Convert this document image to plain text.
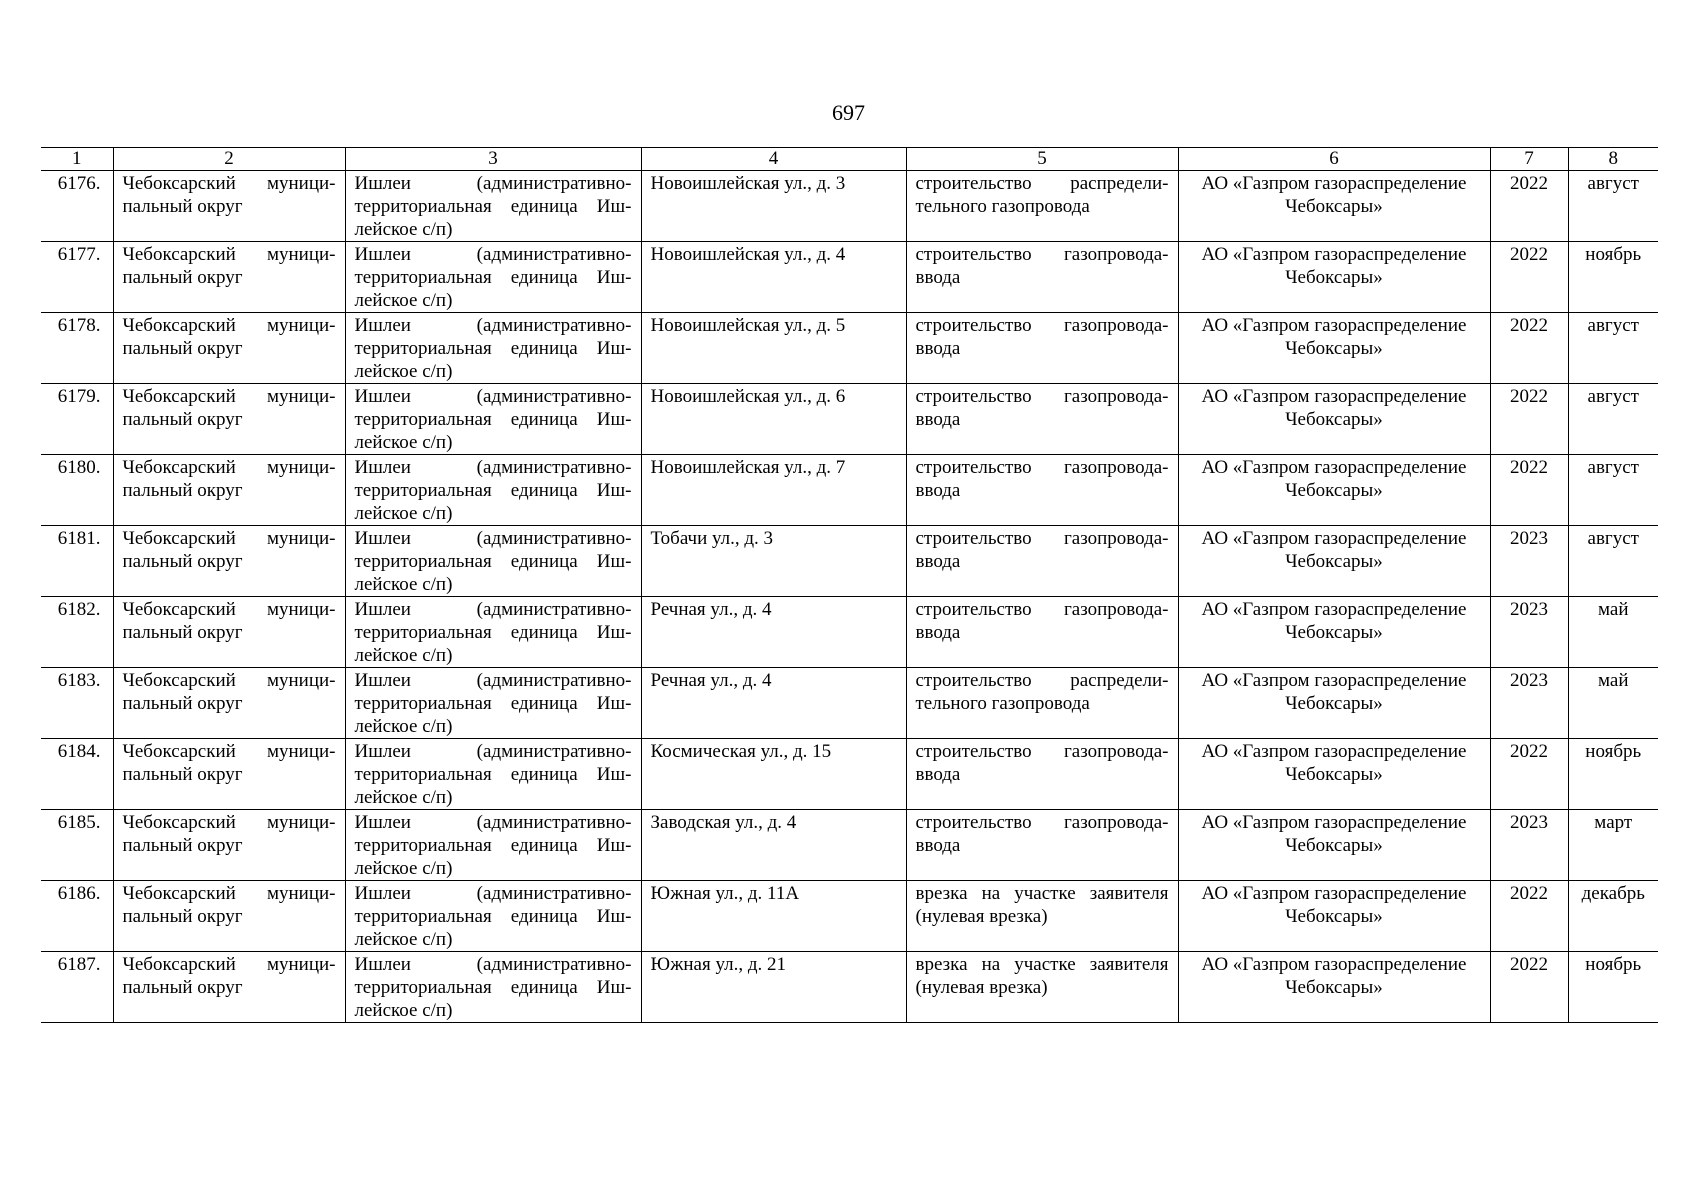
697
1	2	3	4	5	6	7	8
6176.	Чебоксарский муници-пальный округ	Ишлеи (административно-территориальная единица Иш-лейское с/п)	Новоишлейская ул., д. 3	строительство распредели-тельного газопровода	АО «Газпром газораспределение Чебоксары»	2022	август
6177.	Чебоксарский муници-пальный округ	Ишлеи (административно-территориальная единица Иш-лейское с/п)	Новоишлейская ул., д. 4	строительство газопровода-ввода	АО «Газпром газораспределение Чебоксары»	2022	ноябрь
6178.	Чебоксарский муници-пальный округ	Ишлеи (административно-территориальная единица Иш-лейское с/п)	Новоишлейская ул., д. 5	строительство газопровода-ввода	АО «Газпром газораспределение Чебоксары»	2022	август
6179.	Чебоксарский муници-пальный округ	Ишлеи (административно-территориальная единица Иш-лейское с/п)	Новоишлейская ул., д. 6	строительство газопровода-ввода	АО «Газпром газораспределение Чебоксары»	2022	август
6180.	Чебоксарский муници-пальный округ	Ишлеи (административно-территориальная единица Иш-лейское с/п)	Новоишлейская ул., д. 7	строительство газопровода-ввода	АО «Газпром газораспределение Чебоксары»	2022	август
6181.	Чебоксарский муници-пальный округ	Ишлеи (административно-территориальная единица Иш-лейское с/п)	Тобачи ул., д. 3	строительство газопровода-ввода	АО «Газпром газораспределение Чебоксары»	2023	август
6182.	Чебоксарский муници-пальный округ	Ишлеи (административно-территориальная единица Иш-лейское с/п)	Речная ул., д. 4	строительство газопровода-ввода	АО «Газпром газораспределение Чебоксары»	2023	май
6183.	Чебоксарский муници-пальный округ	Ишлеи (административно-территориальная единица Иш-лейское с/п)	Речная ул., д. 4	строительство распредели-тельного газопровода	АО «Газпром газораспределение Чебоксары»	2023	май
6184.	Чебоксарский муници-пальный округ	Ишлеи (административно-территориальная единица Иш-лейское с/п)	Космическая ул., д. 15	строительство газопровода-ввода	АО «Газпром газораспределение Чебоксары»	2022	ноябрь
6185.	Чебоксарский муници-пальный округ	Ишлеи (административно-территориальная единица Иш-лейское с/п)	Заводская ул., д. 4	строительство газопровода-ввода	АО «Газпром газораспределение Чебоксары»	2023	март
6186.	Чебоксарский муници-пальный округ	Ишлеи (административно-территориальная единица Иш-лейское с/п)	Южная ул., д. 11А	врезка на участке заявителя (нулевая врезка)	АО «Газпром газораспределение Чебоксары»	2022	декабрь
6187.	Чебоксарский муници-пальный округ	Ишлеи (административно-территориальная единица Иш-лейское с/п)	Южная ул., д. 21	врезка на участке заявителя (нулевая врезка)	АО «Газпром газораспределение Чебоксары»	2022	ноябрь
